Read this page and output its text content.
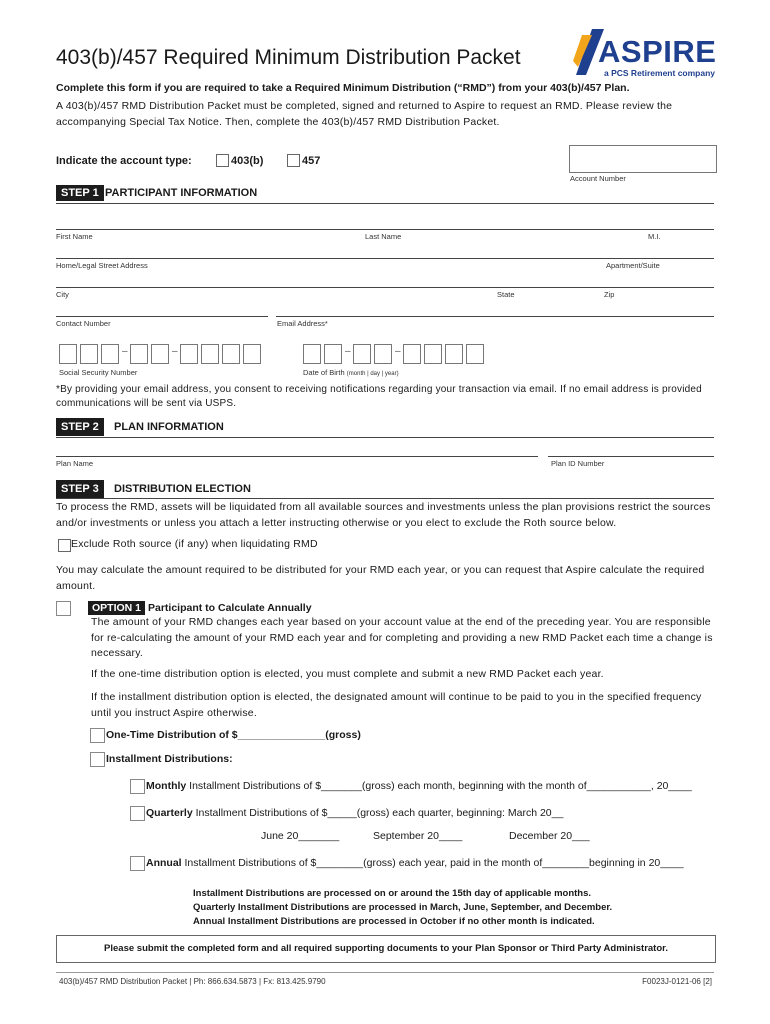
403(b)/457 Required Minimum Distribution Packet ASPIRE
a PCS Retirement company
Complete this form if you are required to take a Required Minimum Distribution (“RMD”) from your 403(b)/457 Plan.
A 403(b)/457 RMD Distribution Packet must be completed, signed and returned to Aspire to request an RMD. Please review the accompanying Special Tax Notice. Then, complete the 403(b)/457 RMD Distribution Packet.
Indicate the account type:	403(b)	457
Account Number
STEP 1 PARTICIPANT INFORMATION
First Name	Last Name	M.I.
Home/Legal Street Address	Apartment/Suite
City	State	Zip
Contact Number	Email Address*
–	–
Social Security Number
–	–
Date of Birth (month | day | year)
*By providing your email address, you consent to receiving notifications regarding your transaction via email. If no email address is provided communications will be sent via USPS.
STEP 2	PLAN INFORMATION
Plan Name	Plan ID Number
STEP 3	DISTRIBUTION ELECTION
To process the RMD, assets will be liquidated from all available sources and investments unless the plan provisions restrict the sources and/or investments or unless you attach a letter instructing otherwise or you elect to exclude the Roth source below.
Exclude Roth source (if any) when liquidating RMD
You may calculate the amount required to be distributed for your RMD each year, or you can request that Aspire calculate the required amount.
OPTION 1 Participant to Calculate Annually
The amount of your RMD changes each year based on your account value at the end of the preceding year. You are responsible for re-calculating the amount of your RMD each year and for completing and providing a new RMD Packet each time a change is necessary.
If the one-time distribution option is elected, you must complete and submit a new RMD Packet each year.
If the installment distribution option is elected, the designated amount will continue to be paid to you in the specified frequency until you instruct Aspire otherwise.
One-Time Distribution of $_______________(gross)
Installment Distributions:
Monthly Installment Distributions of $_______(gross) each month, beginning with the month of___________, 20____
Quarterly Installment Distributions of $_____(gross) each quarter, beginning: March 20__
June 20_______	September 20____	December 20___
Annual Installment Distributions of $________(gross) each year, paid in the month of________beginning in 20____
Installment Distributions are processed on or around the 15th day of applicable months.
Quarterly Installment Distributions are processed in March, June, September, and December.
Annual Installment Distributions are processed in October if no other month is indicated.
Please submit the completed form and all required supporting documents to your Plan Sponsor or Third Party Administrator.
403(b)/457 RMD Distribution Packet | Ph: 866.634.5873 | Fx: 813.425.9790	F0023J-0121-06 [2]
